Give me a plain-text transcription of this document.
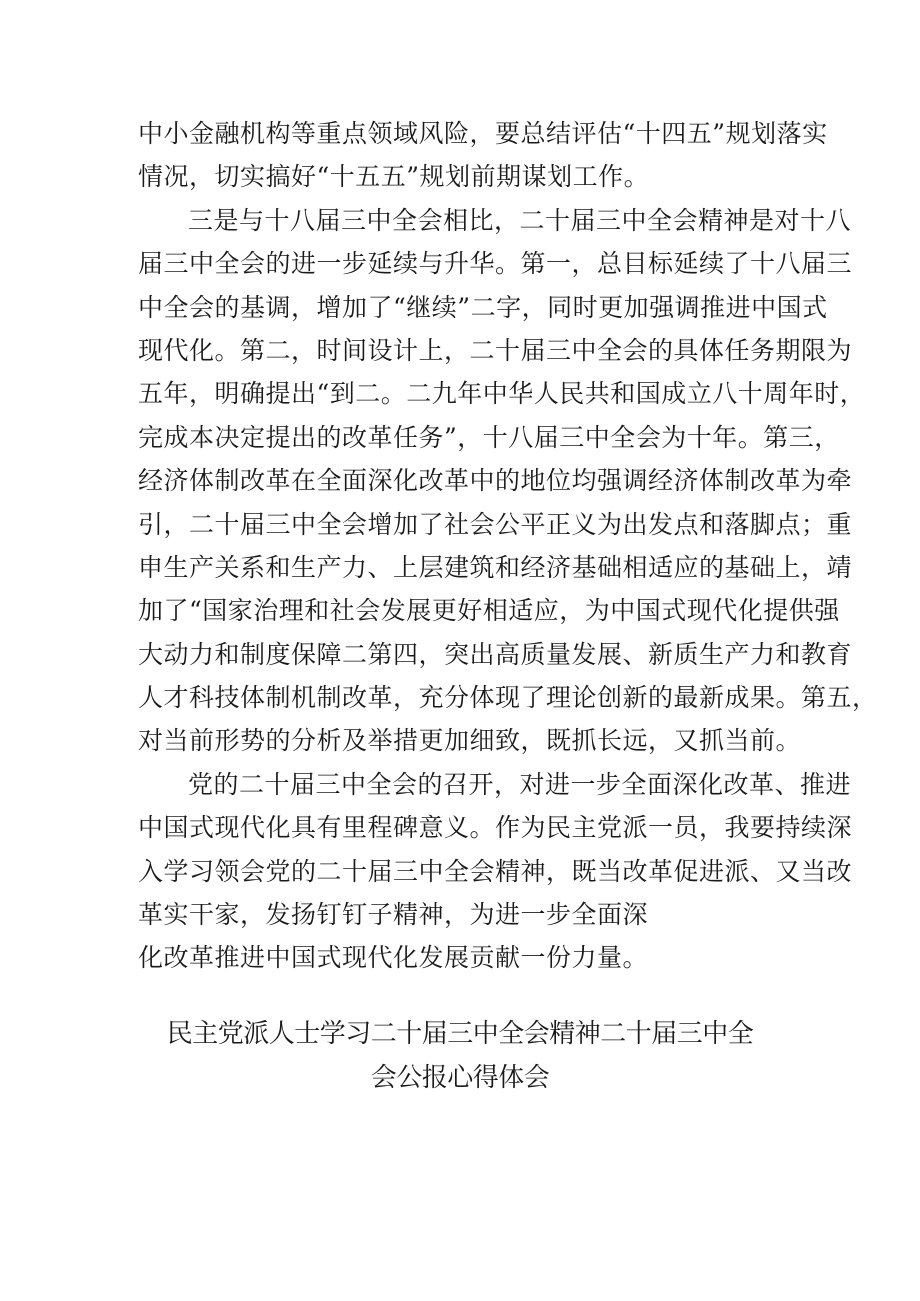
中小金融机构等重点领域风险，要总结评估“十四五”规划落实
情况，切实搞好“十五五”规划前期谋划工作。
三是与十八届三中全会相比，二十届三中全会精神是对十八
届三中全会的进一步延续与升华。第一，总目标延续了十八届三
中全会的基调，增加了“继续”二字，同时更加强调推进中国式
现代化。第二，时间设计上，二十届三中全会的具体任务期限为
五年，明确提出“到二。二九年中华人民共和国成立八十周年时，
完成本决定提出的改革任务”，十八届三中全会为十年。第三，
经济体制改革在全面深化改革中的地位均强调经济体制改革为牵
引，二十届三中全会增加了社会公平正义为出发点和落脚点；重
申生产关系和生产力、上层建筑和经济基础相适应的基础上，靖
加了“国家治理和社会发展更好相适应，为中国式现代化提供强
大动力和制度保障二第四，突出高质量发展、新质生产力和教育
人才科技体制机制改革，充分体现了理论创新的最新成果。第五，
对当前形势的分析及举措更加细致，既抓长远，又抓当前。
党的二十届三中全会的召开，对进一步全面深化改革、推进
中国式现代化具有里程碑意义。作为民主党派一员，我要持续深
入学习领会党的二十届三中全会精神，既当改革促进派、又当改
革实干家，发扬钉钉子精神，为进一步全面深
化改革推进中国式现代化发展贡献一份力量。
民主党派人士学习二十届三中全会精神二十届三中全
会公报心得体会
